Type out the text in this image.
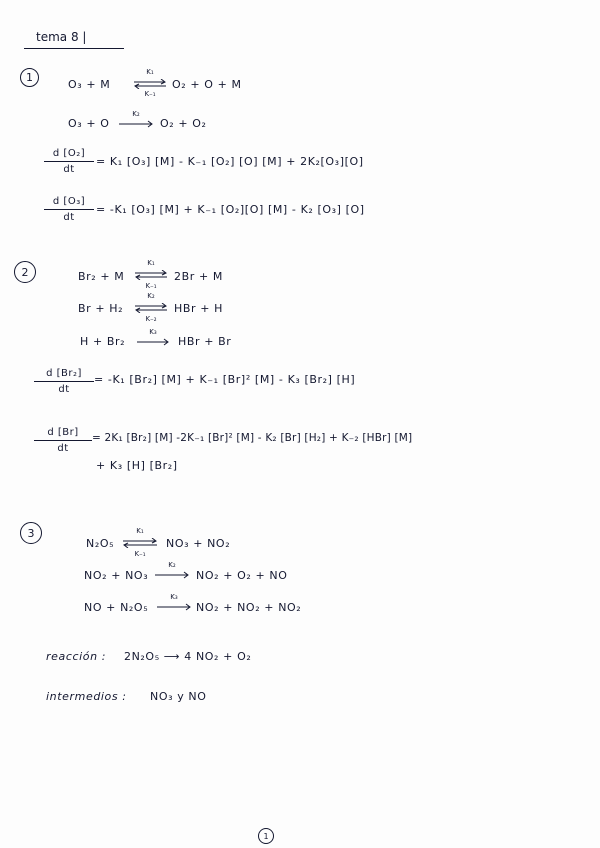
tema 8 |
1
O₃ + M
K₁
K₋₁
O₂ + O + M
O₃ + O
K₂
O₂ + O₂
d [O₂]
dt
= K₁ [O₃] [M] - K₋₁ [O₂] [O] [M] + 2K₂[O₃][O]
d [O₃]
dt
= -K₁ [O₃] [M] + K₋₁ [O₂][O] [M] - K₂ [O₃] [O]
2	Br₂ + M
K₁
K₋₁
2Br + M
Br + H₂
K₂
K₋₂
HBr + H
H + Br₂
K₃
HBr + Br
d [Br₂]
dt
= -K₁ [Br₂] [M] + K₋₁ [Br]² [M] - K₃ [Br₂] [H]
d [Br]
dt
= 2K₁ [Br₂] [M] -2K₋₁ [Br]² [M] - K₂ [Br] [H₂] + K₋₂ [HBr] [M]
+ K₃ [H] [Br₂]
3
N₂O₅
K₁
K₋₁
NO₃ + NO₂
NO₂ + NO₃
K₂
NO₂ + O₂ + NO
NO + N₂O₅
K₃
NO₂ + NO₂ + NO₂
reacción : 2N₂O₅ ⟶ 4 NO₂ + O₂
intermedios : NO₃ y NO
1
